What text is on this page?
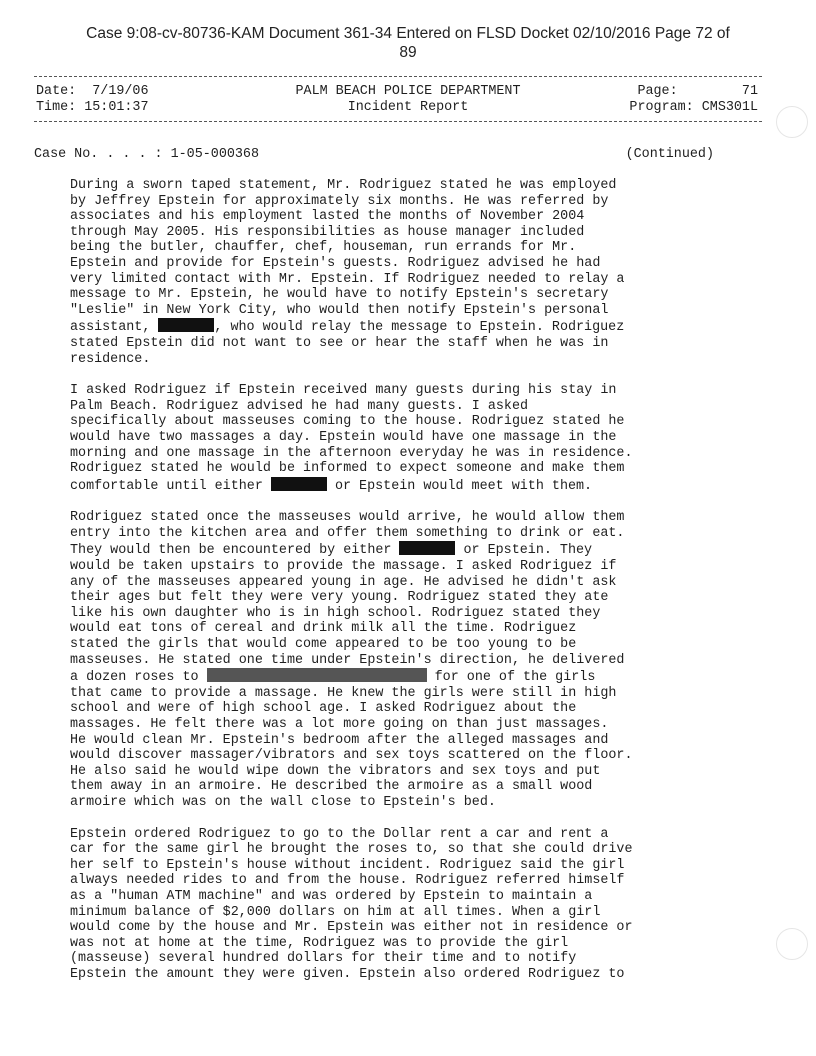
Case 9:08-cv-80736-KAM Document 361-34 Entered on FLSD Docket 02/10/2016 Page 72 of
89
Date:  7/19/06
Time: 15:01:37
PALM BEACH POLICE DEPARTMENT
Incident Report
Page:        71
Program: CMS301L
Case No. . . . : 1-05-000368	(Continued)

During a sworn taped statement, Mr. Rodriguez stated he was employed
by Jeffrey Epstein for approximately six months. He was referred by
associates and his employment lasted the months of November 2004
through May 2005. His responsibilities as house manager included
being the butler, chauffer, chef, houseman, run errands for Mr.
Epstein and provide for Epstein's guests. Rodriguez advised he had
very limited contact with Mr. Epstein. If Rodriguez needed to relay a
message to Mr. Epstein, he would have to notify Epstein's secretary
"Leslie" in New York City, who would then notify Epstein's personal
assistant,	, who would relay the message to Epstein. Rodriguez
stated Epstein did not want to see or hear the staff when he was in
residence.

I asked Rodriguez if Epstein received many guests during his stay in
Palm Beach. Rodriguez advised he had many guests. I asked
specifically about masseuses coming to the house. Rodriguez stated he
would have two massages a day. Epstein would have one massage in the
morning and one massage in the afternoon everyday he was in residence.
Rodriguez stated he would be informed to expect someone and make them
comfortable until either	or Epstein would meet with them.

Rodriguez stated once the masseuses would arrive, he would allow them
entry into the kitchen area and offer them something to drink or eat.
They would then be encountered by either	or Epstein. They
would be taken upstairs to provide the massage. I asked Rodriguez if
any of the masseuses appeared young in age. He advised he didn't ask
their ages but felt they were very young. Rodriguez stated they ate
like his own daughter who is in high school. Rodriguez stated they
would eat tons of cereal and drink milk all the time. Rodriguez
stated the girls that would come appeared to be too young to be
masseuses. He stated one time under Epstein's direction, he delivered
a dozen roses to	for one of the girls
that came to provide a massage. He knew the girls were still in high
school and were of high school age. I asked Rodriguez about the
massages. He felt there was a lot more going on than just massages.
He would clean Mr. Epstein's bedroom after the alleged massages and
would discover massager/vibrators and sex toys scattered on the floor.
He also said he would wipe down the vibrators and sex toys and put
them away in an armoire. He described the armoire as a small wood
armoire which was on the wall close to Epstein's bed.

Epstein ordered Rodriguez to go to the Dollar rent a car and rent a
car for the same girl he brought the roses to, so that she could drive
her self to Epstein's house without incident. Rodriguez said the girl
always needed rides to and from the house. Rodriguez referred himself
as a "human ATM machine" and was ordered by Epstein to maintain a
minimum balance of $2,000 dollars on him at all times. When a girl
would come by the house and Mr. Epstein was either not in residence or
was not at home at the time, Rodriguez was to provide the girl
(masseuse) several hundred dollars for their time and to notify
Epstein the amount they were given. Epstein also ordered Rodriguez to
